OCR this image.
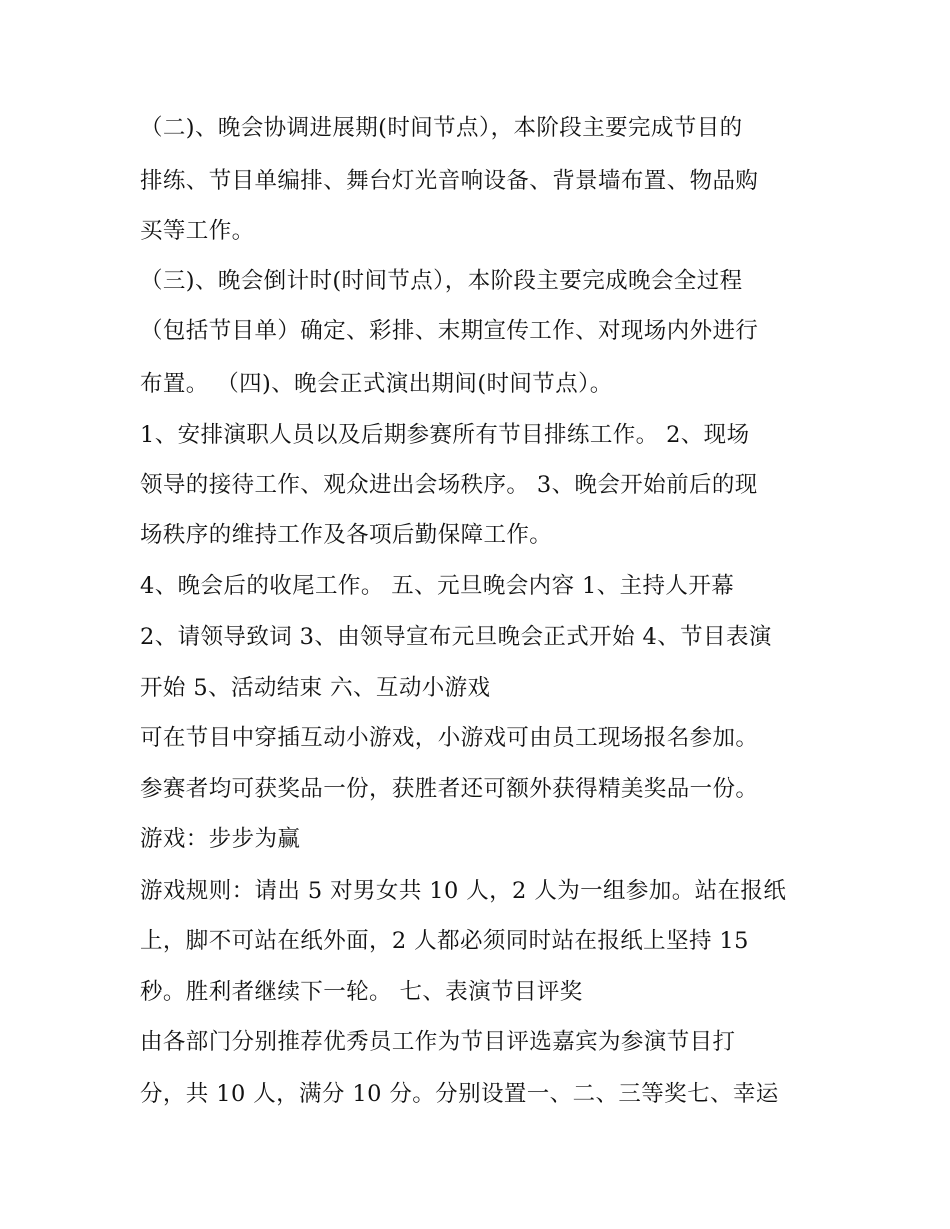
（二)、晚会协调进展期(时间节点），本阶段主要完成节目的
排练、节目单编排、舞台灯光音响设备、背景墙布置、物品购
买等工作。
（三)、晚会倒计时(时间节点），本阶段主要完成晚会全过程
（包括节目单）确定、彩排、末期宣传工作、对现场内外进行
布置。 （四)、晚会正式演出期间(时间节点）。
1、安排演职人员以及后期参赛所有节目排练工作。 2、现场
领导的接待工作、观众进出会场秩序。 3、晚会开始前后的现
场秩序的维持工作及各项后勤保障工作。
4、晚会后的收尾工作。 五、元旦晚会内容 1、主持人开幕
2、请领导致词 3、由领导宣布元旦晚会正式开始 4、节目表演
开始 5、活动结束 六、互动小游戏
可在节目中穿插互动小游戏，小游戏可由员工现场报名参加。
参赛者均可获奖品一份，获胜者还可额外获得精美奖品一份。
游戏：步步为赢
游戏规则：请出 5 对男女共 10 人，2 人为一组参加。站在报纸
上，脚不可站在纸外面，2 人都必须同时站在报纸上坚持 15
秒。胜利者继续下一轮。 七、表演节目评奖
由各部门分别推荐优秀员工作为节目评选嘉宾为参演节目打
分，共 10 人，满分 10 分。分别设置一、二、三等奖七、幸运
